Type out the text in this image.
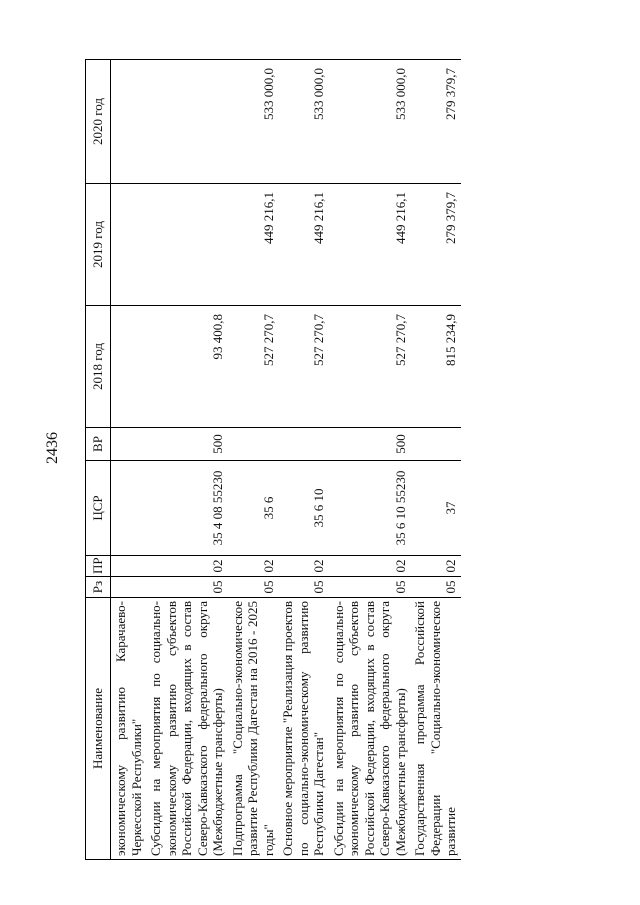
2436
Наименование	Рз	ПР	ЦСР	ВР	2018 год	2019 год	2020 год
экономическому развитию Карачаево-Черкесской Республики"							
Субсидии на мероприятия по социально-экономическому развитию субъектов Российской Федерации, входящих в состав Северо-Кавказского федерального округа (Межбюджетные трансферты)	05	02	35 4 08 55230	500	93 400,8		
Подпрограмма "Социально-экономическое развитие Республики Дагестан на 2016 - 2025 годы"	05	02	35 6		527 270,7	449 216,1	533 000,0
Основное мероприятие "Реализация проектов по социально-экономическому развитию Республики Дагестан"	05	02	35 6 10		527 270,7	449 216,1	533 000,0
Субсидии на мероприятия по социально-экономическому развитию субъектов Российской Федерации, входящих в состав Северо-Кавказского федерального округа (Межбюджетные трансферты)	05	02	35 6 10 55230	500	527 270,7	449 216,1	533 000,0
Государственная программа Российской Федерации "Социально-экономическое развитие	05	02	37		815 234,9	279 379,7	279 379,7
